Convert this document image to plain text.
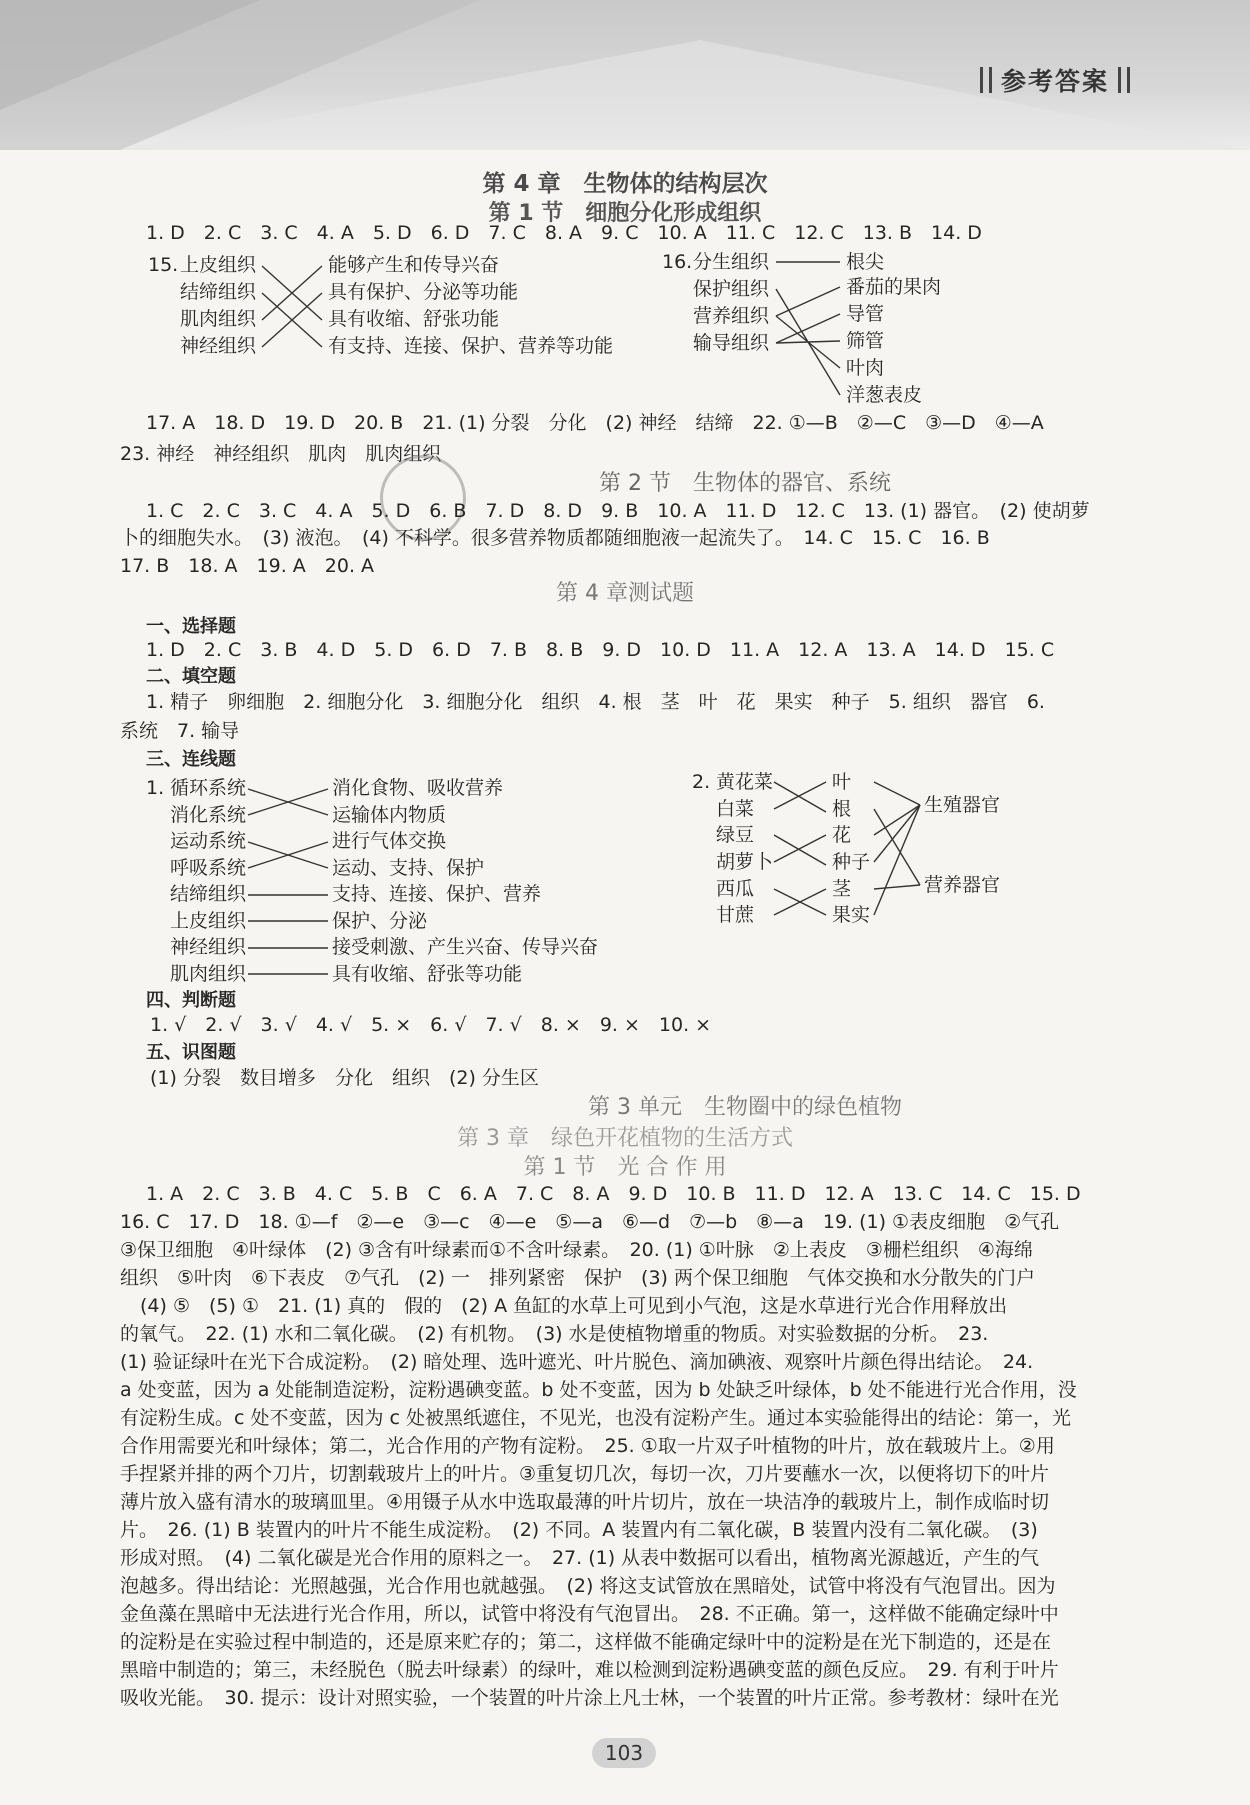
参考答案
第 4 章　生物体的结构层次
第 1 节　细胞分化形成组织
1. D　2. C　3. C　4. A　5. D　6. D　7. C　8. A　9. C　10. A　11. C　12. C　13. B　14. D
15. 上皮组织
结缔组织
肌肉组织
神经组织
能够产生和传导兴奋
具有保护、分泌等功能
具有收缩、舒张功能
有支持、连接、保护、营养等功能
16. 分生组织
保护组织
营养组织
输导组织
根尖
番茄的果肉
导管
筛管
叶肉
洋葱表皮
17. A　18. D　19. D　20. B　21. (1) 分裂　分化　(2) 神经　结缔　22. ①—B　②—C　③—D　④—A
23. 神经　神经组织　肌肉　肌肉组织
第 2 节　生物体的器官、系统
1. C　2. C　3. C　4. A　5. D　6. B　7. D　8. D　9. B　10. A　11. D　12. C　13. (1) 器官。　(2) 使胡萝
卜的细胞失水。　(3) 液泡。　(4) 不科学。很多营养物质都随细胞液一起流失了。　14. C　15. C　16. B
17. B　18. A　19. A　20. A
第 4 章测试题
一、选择题
1. D　2. C　3. B　4. D　5. D　6. D　7. B　8. B　9. D　10. D　11. A　12. A　13. A　14. D　15. C
二、填空题
1. 精子　卵细胞　2. 细胞分化　3. 细胞分化　组织　4. 根　茎　叶　花　果实　种子　5. 组织　器官　6.
系统　7. 输导
三、连线题
1. 循环系统
消化系统
运动系统
呼吸系统
结缔组织
上皮组织
神经组织
肌肉组织
消化食物、吸收营养
运输体内物质
进行气体交换
运动、支持、保护
支持、连接、保护、营养
保护、分泌
接受刺激、产生兴奋、传导兴奋
具有收缩、舒张等功能
2. 黄花菜
白菜
绿豆
胡萝卜
西瓜
甘蔗
叶
根
花
种子
茎
果实
生殖器官
营养器官
四、判断题
1. √　2. √　3. √　4. √　5. ×　6. √　7. √　8. ×　9. ×　10. ×
五、识图题
(1) 分裂　数目增多　分化　组织　(2) 分生区
第 3 单元　生物圈中的绿色植物
第 3 章　绿色开花植物的生活方式
第 1 节　光 合 作 用
1. A　2. C　3. B　4. C　5. B　C　6. A　7. C　8. A　9. D　10. B　11. D　12. A　13. C　14. C　15. D
16. C　17. D　18. ①—f　②—e　③—c　④—e　⑤—a　⑥—d　⑦—b　⑧—a　19. (1) ①表皮细胞　②气孔
③保卫细胞　④叶绿体　(2) ③含有叶绿素而①不含叶绿素。　20. (1) ①叶脉　②上表皮　③栅栏组织　④海绵
组织　⑤叶肉　⑥下表皮　⑦气孔　(2) 一　排列紧密　保护　(3) 两个保卫细胞　气体交换和水分散失的门户
(4) ⑤　(5) ①　21. (1) 真的　假的　(2) A 鱼缸的水草上可见到小气泡，这是水草进行光合作用释放出
的氧气。　22. (1) 水和二氧化碳。　(2) 有机物。　(3) 水是使植物增重的物质。对实验数据的分析。　23.
(1) 验证绿叶在光下合成淀粉。　(2) 暗处理、选叶遮光、叶片脱色、滴加碘液、观察叶片颜色得出结论。　24.
a 处变蓝，因为 a 处能制造淀粉，淀粉遇碘变蓝。b 处不变蓝，因为 b 处缺乏叶绿体，b 处不能进行光合作用，没
有淀粉生成。c 处不变蓝，因为 c 处被黑纸遮住，不见光，也没有淀粉产生。通过本实验能得出的结论：第一，光
合作用需要光和叶绿体；第二，光合作用的产物有淀粉。　25. ①取一片双子叶植物的叶片，放在载玻片上。②用
手捏紧并排的两个刀片，切割载玻片上的叶片。③重复切几次，每切一次，刀片要蘸水一次，以便将切下的叶片
薄片放入盛有清水的玻璃皿里。④用镊子从水中选取最薄的叶片切片，放在一块洁净的载玻片上，制作成临时切
片。　26. (1) B 装置内的叶片不能生成淀粉。　(2) 不同。A 装置内有二氧化碳，B 装置内没有二氧化碳。　(3)
形成对照。　(4) 二氧化碳是光合作用的原料之一。　27. (1) 从表中数据可以看出，植物离光源越近，产生的气
泡越多。得出结论：光照越强，光合作用也就越强。　(2) 将这支试管放在黑暗处，试管中将没有气泡冒出。因为
金鱼藻在黑暗中无法进行光合作用，所以，试管中将没有气泡冒出。　28. 不正确。第一，这样做不能确定绿叶中
的淀粉是在实验过程中制造的，还是原来贮存的；第二，这样做不能确定绿叶中的淀粉是在光下制造的，还是在
黑暗中制造的；第三，未经脱色（脱去叶绿素）的绿叶，难以检测到淀粉遇碘变蓝的颜色反应。　29. 有利于叶片
吸收光能。　30. 提示：设计对照实验，一个装置的叶片涂上凡士林，一个装置的叶片正常。参考教材：绿叶在光
103
